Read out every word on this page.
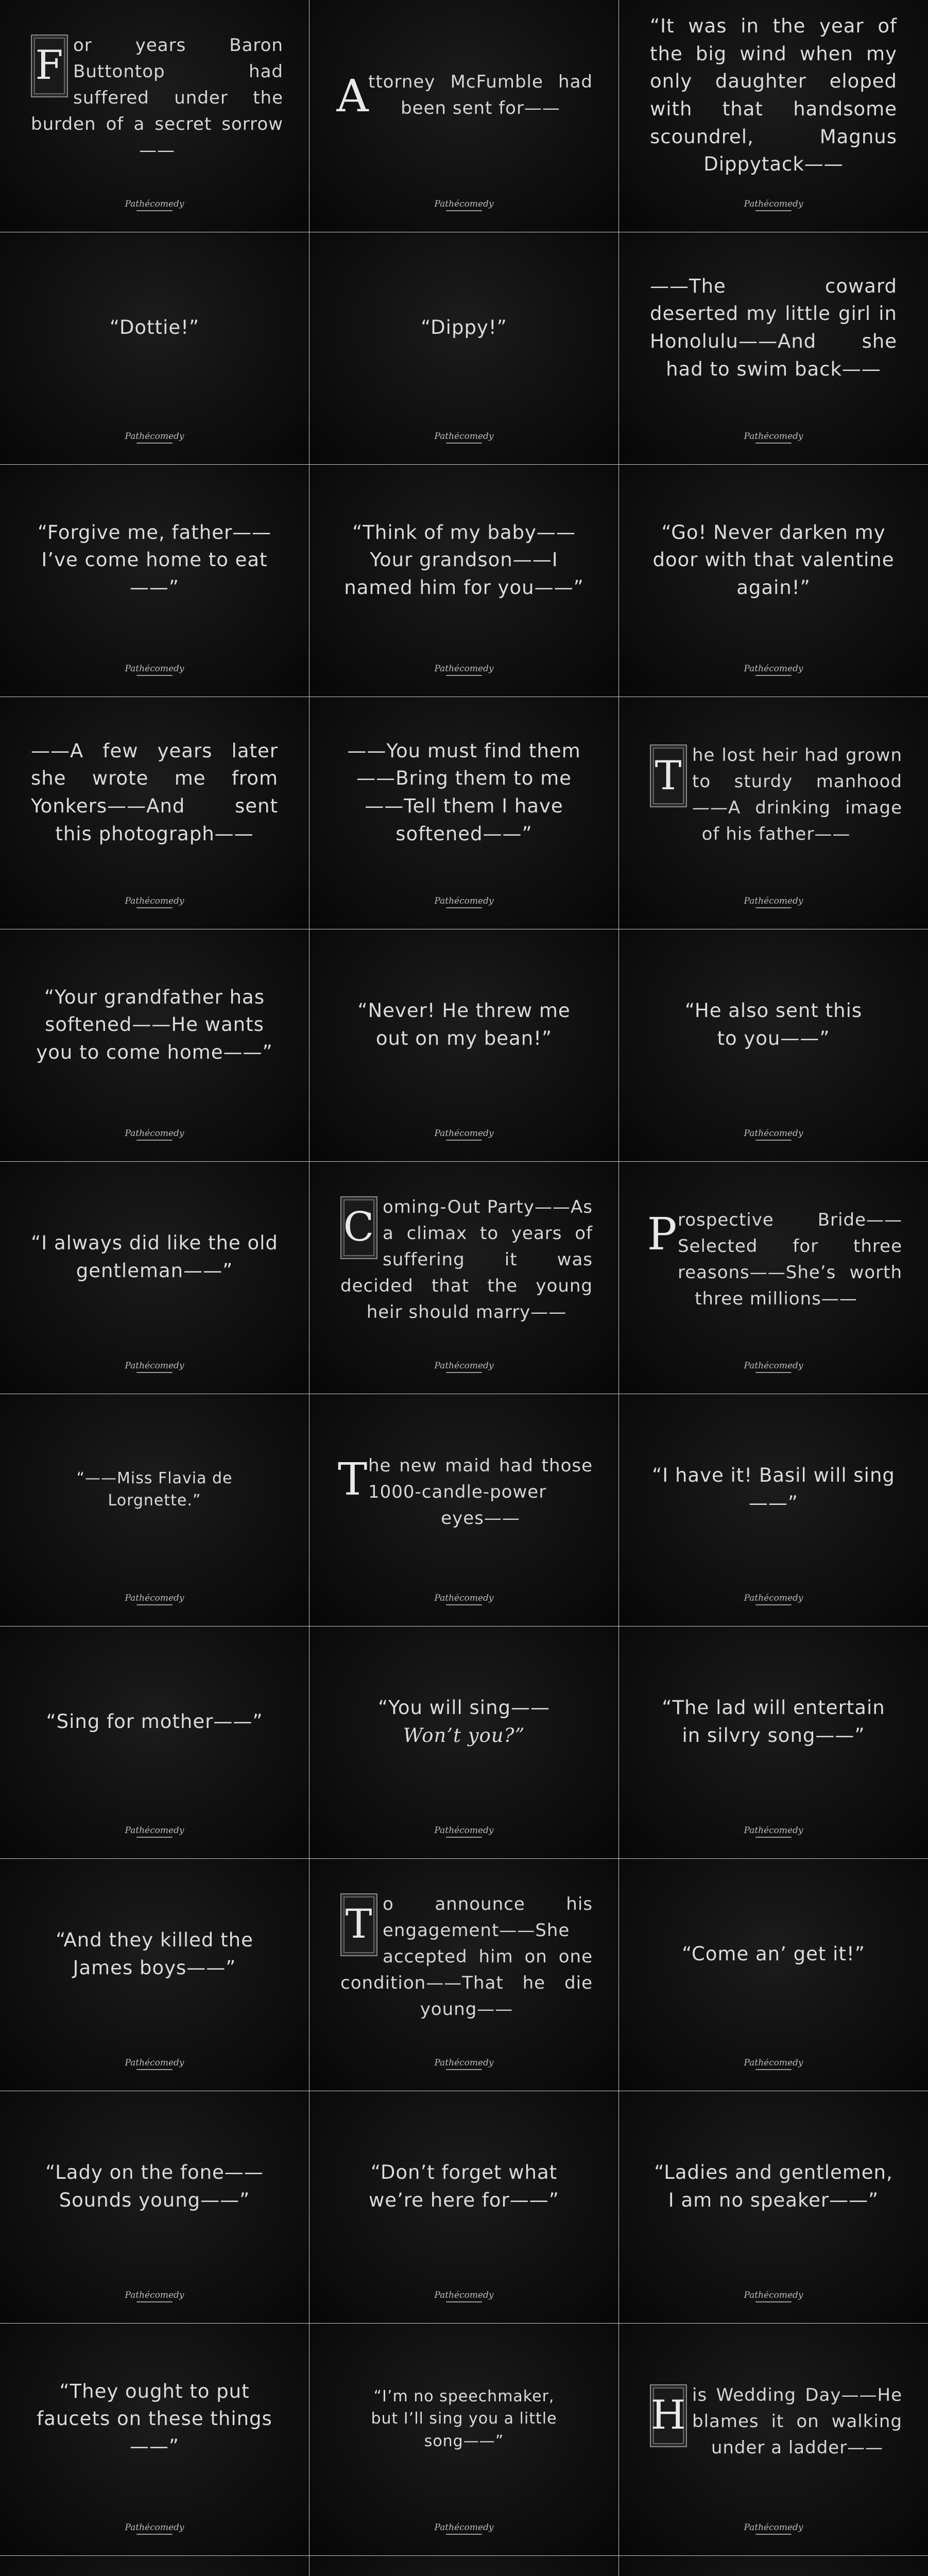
F or years Baron Buttontop had suffered under the burden of a secret sorrow——
Pathécomedy
A
ttorney McFumble had been sent for——
Pathécomedy
“It was in the year of the big wind when my only daughter eloped with that handsome scoundrel, Magnus Dippytack——
Pathécomedy
“Dottie!”
Pathécomedy
“Dippy!”
Pathécomedy
——The coward deserted my little girl in Honolulu——And she had to swim back——
Pathécomedy
“Forgive me, father——
I’ve come home to eat——”
Pathécomedy
“Think of my baby——Your grandson——I named him for you——”
Pathécomedy
“Go! Never darken my door with that valentine again!”
Pathécomedy
——A few years later she wrote me from Yonkers——And sent this photograph——
Pathécomedy
——You must find them——Bring them to me——Tell them I have softened——”
Pathécomedy
T he lost heir had grown to sturdy manhood——A drinking image of his father——
Pathécomedy
“Your grandfather has softened——He wants you to come home——”
Pathécomedy
“Never! He threw me out on my bean!”
Pathécomedy
“He also sent this
to you——”
Pathécomedy
“I always did like the old gentleman——”
Pathécomedy
C oming-Out Party——As a climax to years of suffering it was decided that the young heir should marry——
Pathécomedy
Prospective Bride——Selected for three reasons——She’s worth three millions——
Pathécomedy
“——Miss Flavia de Lorgnette.”
Pathécomedy
The new maid had those 1000-candle-power eyes——
Pathécomedy
“I have it! Basil will sing——”
Pathécomedy
“Sing for mother——”
Pathécomedy
“You will sing——
Won’t you?”
Pathécomedy
“The lad will entertain in silvry song——”
Pathécomedy
“And they killed the James boys——”
Pathécomedy
T o announce his engagement——She accepted him on one condition——That he die young——
Pathécomedy
“Come an’ get it!”
Pathécomedy
“Lady on the fone——
Sounds young——”
Pathécomedy
“Don’t forget what we’re here for——”
Pathécomedy
“Ladies and gentlemen, I am no speaker——”
Pathécomedy
“They ought to put faucets on these things——”
Pathécomedy
“I’m no speechmaker,
but I’ll sing you a little
song——”
Pathécomedy
H is Wedding Day——He blames it on walking under a ladder——
Pathécomedy
